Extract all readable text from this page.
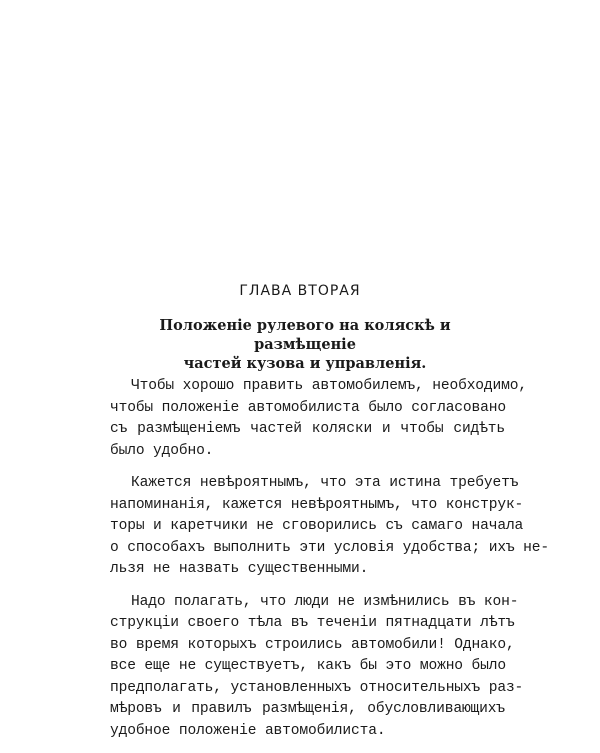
ГЛАВА ВТОРАЯ
Положенiе рулевого на коляскѣ и размѣщенiе
частей кузова и управленiя.
Чтобы хорошо править автомобилемъ, необходимо,
чтобы положенiе автомобилиста было согласовано
съ размѣщенiемъ частей коляски и чтобы сидѣть
было удобно.
Кажется невѣроятнымъ, что эта истина требуетъ
напоминанiя, кажется невѣроятнымъ, что конструк-
торы и каретчики не сговорились съ самаго начала
о способахъ выполнить эти условiя удобства; ихъ не-
льзя не назвать существенными.
Надо полагать, что люди не измѣнились въ кон-
струкцiи своего тѣла въ теченiи пятнадцати лѣтъ
во время которыхъ строились автомобили! Однако,
все еще не существуетъ, какъ бы это можно было
предполагать, установленныхъ относительныхъ раз-
мѣровъ и правилъ размѣщенiя, обусловливающихъ
удобное положенiе автомобилиста.
